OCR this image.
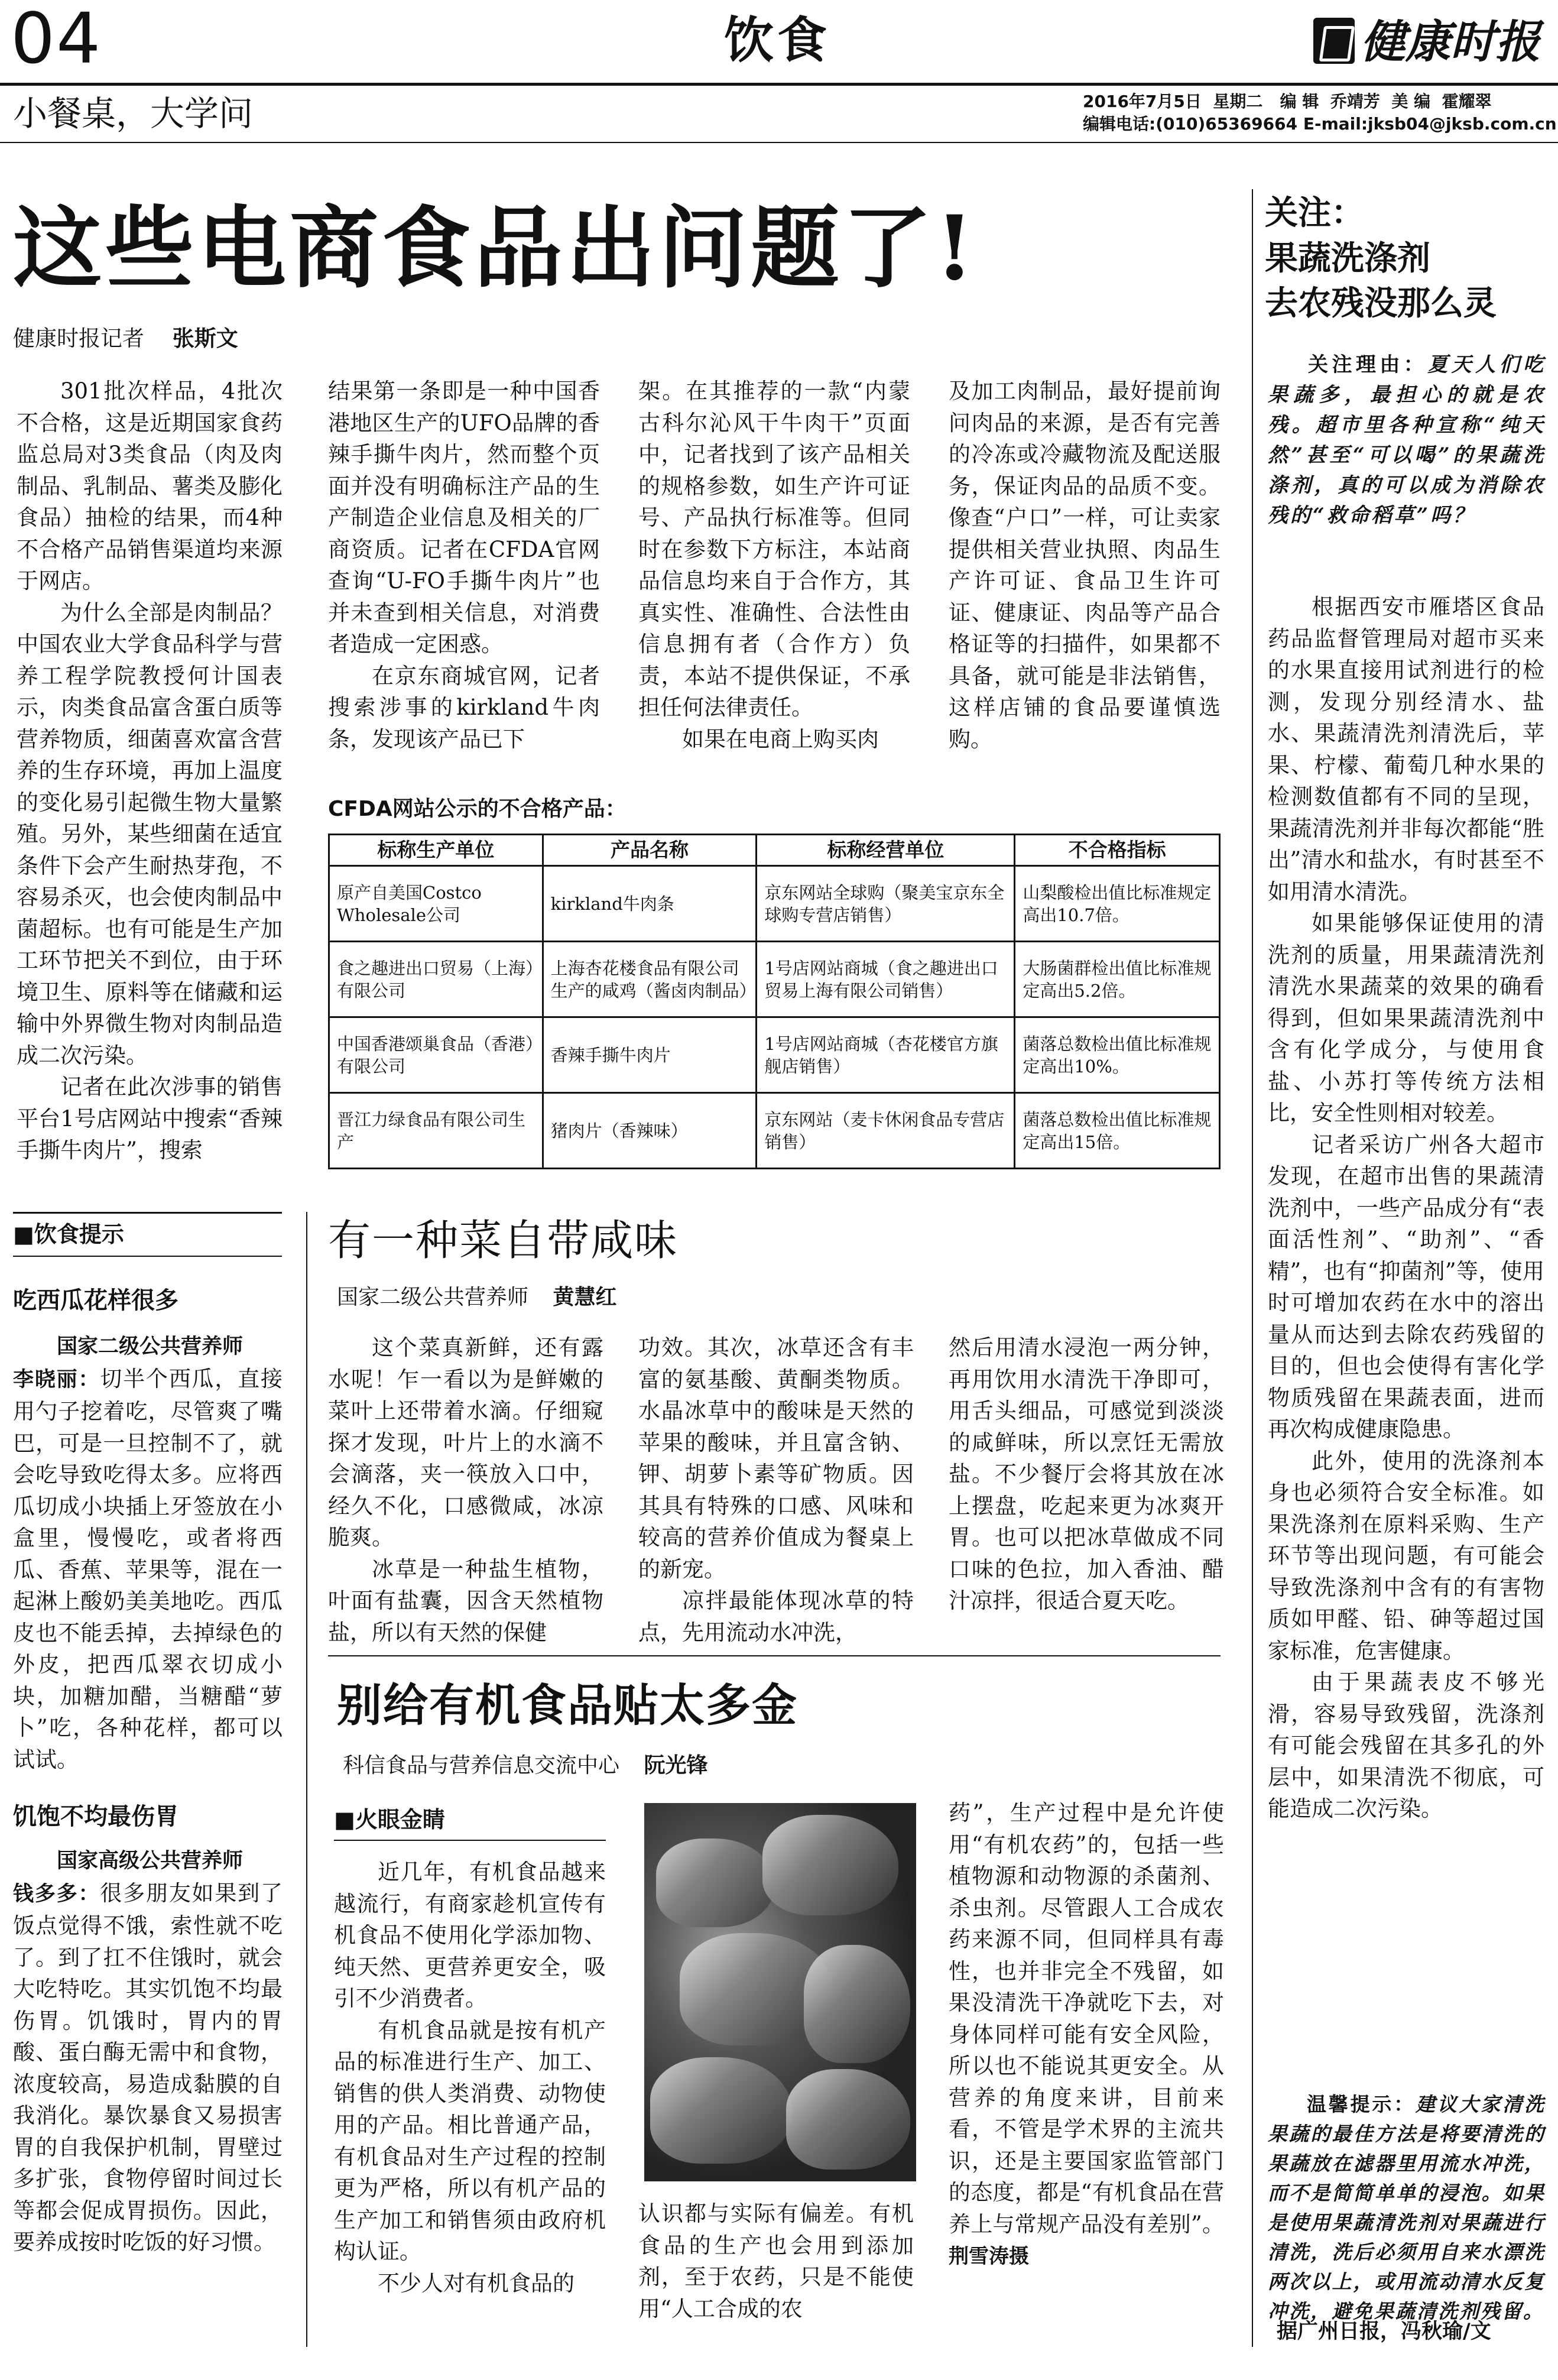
04	饮食	健康时报
小餐桌，大学问	2016年7月5日  星期二   编 辑  乔靖芳  美 编  霍耀翠
编辑电话:(010)65369664 E-mail:jksb04@jksb.com.cn
这些电商食品出问题了!
健康时报记者 张斯文

301批次样品，4批次不合格，这是近期国家食药监总局对3类食品（肉及肉制品、乳制品、薯类及膨化食品）抽检的结果，而4种不合格产品销售渠道均来源于网店。

为什么全部是肉制品？中国农业大学食品科学与营养工程学院教授何计国表示，肉类食品富含蛋白质等营养物质，细菌喜欢富含营养的生存环境，再加上温度的变化易引起微生物大量繁殖。另外，某些细菌在适宜条件下会产生耐热芽孢，不容易杀灭，也会使肉制品中菌超标。也有可能是生产加工环节把关不到位，由于环境卫生、原料等在储藏和运输中外界微生物对肉制品造成二次污染。

记者在此次涉事的销售平台1号店网站中搜索“香辣手撕牛肉片”，搜索

结果第一条即是一种中国香港地区生产的UFO品牌的香辣手撕牛肉片，然而整个页面并没有明确标注产品的生产制造企业信息及相关的厂商资质。记者在CFDA官网查询“U-FO手撕牛肉片”也并未查到相关信息，对消费者造成一定困惑。

在京东商城官网，记者搜索涉事的kirkland牛肉条，发现该产品已下

架。在其推荐的一款“内蒙古科尔沁风干牛肉干”页面中，记者找到了该产品相关的规格参数，如生产许可证号、产品执行标准等。但同时在参数下方标注，本站商品信息均来自于合作方，其真实性、准确性、合法性由信息拥有者（合作方）负责，本站不提供保证，不承担任何法律责任。

如果在电商上购买肉

及加工肉制品，最好提前询问肉品的来源，是否有完善的冷冻或冷藏物流及配送服务，保证肉品的品质不变。像查“户口”一样，可让卖家提供相关营业执照、肉品生产许可证、食品卫生许可证、健康证、肉品等产品合格证等的扫描件，如果都不具备，就可能是非法销售，这样店铺的食品要谨慎选购。

CFDA网站公示的不合格产品：
标称生产单位	产品名称	标称经营单位	不合格指标
原产自美国Costco Wholesale公司	kirkland牛肉条	京东网站全球购（聚美宝京东全球购专营店销售）	山梨酸检出值比标准规定高出10.7倍。
食之趣进出口贸易（上海）有限公司	上海杏花楼食品有限公司生产的咸鸡（酱卤肉制品）	1号店网站商城（食之趣进出口贸易上海有限公司销售）	大肠菌群检出值比标准规定高出5.2倍。
中国香港颂巢食品（香港）有限公司	香辣手撕牛肉片	1号店网站商城（杏花楼官方旗舰店销售）	菌落总数检出值比标准规定高出10%。
晋江力绿食品有限公司生产	猪肉片（香辣味）	京东网站（麦卡休闲食品专营店销售）	菌落总数检出值比标准规定高出15倍。
■饮食提示
吃西瓜花样很多

国家二级公共营养师

李晓丽：切半个西瓜，直接用勺子挖着吃，尽管爽了嘴巴，可是一旦控制不了，就会吃导致吃得太多。应将西瓜切成小块插上牙签放在小盒里，慢慢吃，或者将西瓜、香蕉、苹果等，混在一起淋上酸奶美美地吃。西瓜皮也不能丢掉，去掉绿色的外皮，把西瓜翠衣切成小块，加糖加醋，当糖醋“萝卜”吃，各种花样，都可以试试。

饥饱不均最伤胃

国家高级公共营养师

钱多多：很多朋友如果到了饭点觉得不饿，索性就不吃了。到了扛不住饿时，就会大吃特吃。其实饥饱不均最伤胃。饥饿时，胃内的胃酸、蛋白酶无需中和食物，浓度较高，易造成黏膜的自我消化。暴饮暴食又易损害胃的自我保护机制，胃壁过多扩张，食物停留时间过长等都会促成胃损伤。因此，要养成按时吃饭的好习惯。

有一种菜自带咸味
国家二级公共营养师 黄慧红

这个菜真新鲜，还有露水呢！乍一看以为是鲜嫩的菜叶上还带着水滴。仔细窥探才发现，叶片上的水滴不会滴落，夹一筷放入口中，经久不化，口感微咸，冰凉脆爽。

冰草是一种盐生植物，叶面有盐囊，因含天然植物盐，所以有天然的保健

功效。其次，冰草还含有丰富的氨基酸、黄酮类物质。水晶冰草中的酸味是天然的苹果的酸味，并且富含钠、钾、胡萝卜素等矿物质。因其具有特殊的口感、风味和较高的营养价值成为餐桌上的新宠。

凉拌最能体现冰草的特点，先用流动水冲洗，

然后用清水浸泡一两分钟，再用饮用水清洗干净即可，用舌头细品，可感觉到淡淡的咸鲜味，所以烹饪无需放盐。不少餐厅会将其放在冰上摆盘，吃起来更为冰爽开胃。也可以把冰草做成不同口味的色拉，加入香油、醋汁凉拌，很适合夏天吃。

别给有机食品贴太多金
科信食品与营养信息交流中心 阮光锋
■火眼金睛

近几年，有机食品越来越流行，有商家趁机宣传有机食品不使用化学添加物、纯天然、更营养更安全，吸引不少消费者。

有机食品就是按有机产品的标准进行生产、加工、销售的供人类消费、动物使用的产品。相比普通产品，有机食品对生产过程的控制更为严格，所以有机产品的生产加工和销售须由政府机构认证。

不少人对有机食品的

认识都与实际有偏差。有机食品的生产也会用到添加剂，至于农药，只是不能使用“人工合成的农

药”，生产过程中是允许使用“有机农药”的，包括一些植物源和动物源的杀菌剂、杀虫剂。尽管跟人工合成农药来源不同，但同样具有毒性，也并非完全不残留，如果没清洗干净就吃下去，对身体同样可能有安全风险，所以也不能说其更安全。从营养的角度来讲，目前来看，不管是学术界的主流共识，还是主要国家监管部门的态度，都是“有机食品在营养上与常规产品没有差别”。 荆雪涛摄

关注：
果蔬洗涤剂
去农残没那么灵

关注理由：夏天人们吃果蔬多，最担心的就是农残。超市里各种宣称“纯天然”甚至“可以喝”的果蔬洗涤剂，真的可以成为消除农残的“救命稻草”吗？

根据西安市雁塔区食品药品监督管理局对超市买来的水果直接用试剂进行的检测，发现分别经清水、盐水、果蔬清洗剂清洗后，苹果、柠檬、葡萄几种水果的检测数值都有不同的呈现，果蔬清洗剂并非每次都能“胜出”清水和盐水，有时甚至不如用清水清洗。

如果能够保证使用的清洗剂的质量，用果蔬清洗剂清洗水果蔬菜的效果的确看得到，但如果果蔬清洗剂中含有化学成分，与使用食盐、小苏打等传统方法相比，安全性则相对较差。

记者采访广州各大超市发现，在超市出售的果蔬清洗剂中，一些产品成分有“表面活性剂”、“助剂”、“香精”，也有“抑菌剂”等，使用时可增加农药在水中的溶出量从而达到去除农药残留的目的，但也会使得有害化学物质残留在果蔬表面，进而再次构成健康隐患。

此外，使用的洗涤剂本身也必须符合安全标准。如果洗涤剂在原料采购、生产环节等出现问题，有可能会导致洗涤剂中含有的有害物质如甲醛、铅、砷等超过国家标准，危害健康。

由于果蔬表皮不够光滑，容易导致残留，洗涤剂有可能会残留在其多孔的外层中，如果清洗不彻底，可能造成二次污染。

温馨提示：建议大家清洗果蔬的最佳方法是将要清洗的果蔬放在滤器里用流水冲洗，而不是简简单单的浸泡。如果是使用果蔬清洗剂对果蔬进行清洗，洗后必须用自来水漂洗两次以上，或用流动清水反复冲洗，避免果蔬清洗剂残留。

据广州日报，冯秋瑜/文
